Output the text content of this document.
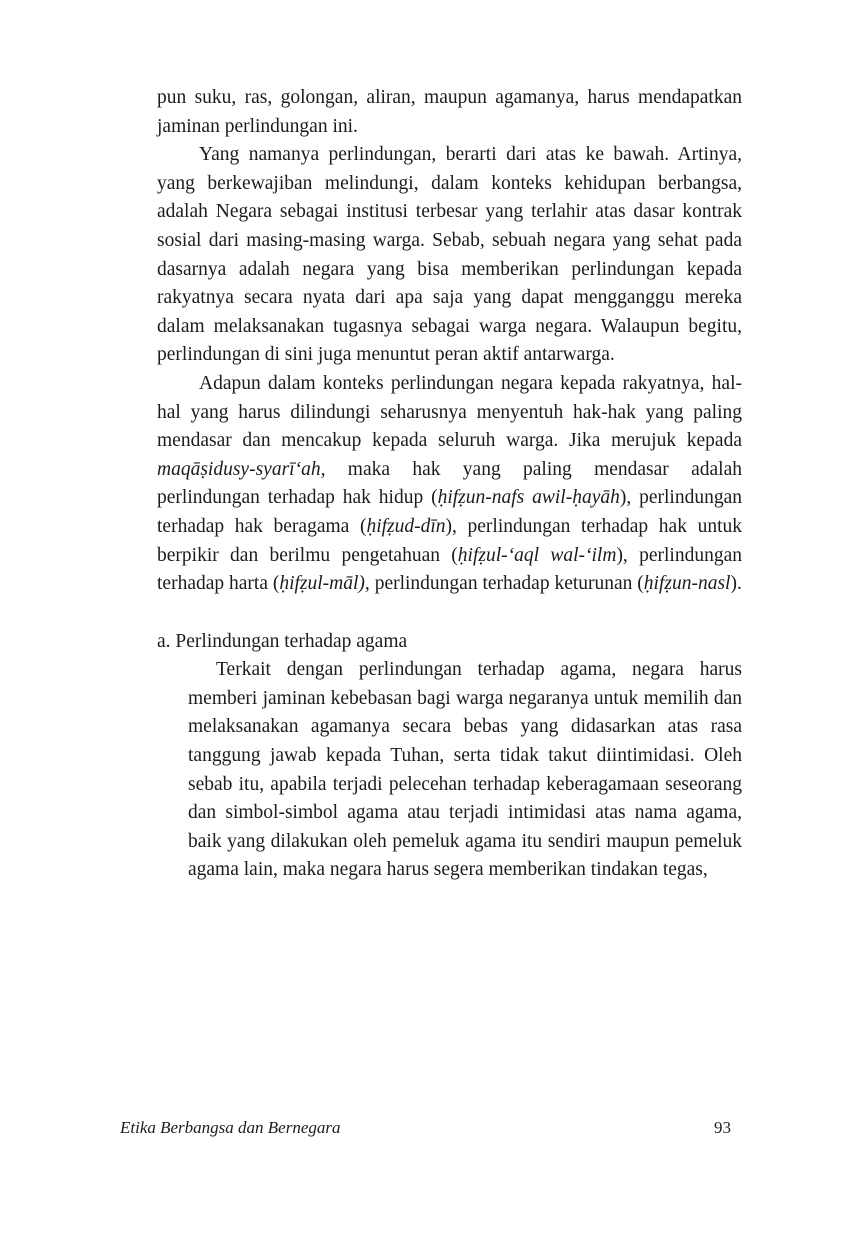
pun suku, ras, golongan, aliran, maupun agamanya, harus mendapatkan jaminan perlindungan ini.

Yang namanya perlindungan, berarti dari atas ke bawah. Artinya, yang berkewajiban melindungi, dalam konteks kehidupan berbangsa, adalah Negara sebagai institusi terbesar yang terlahir atas dasar kontrak sosial dari masing-masing warga. Sebab, sebuah negara yang sehat pada dasarnya adalah negara yang bisa memberikan perlindungan kepada rakyatnya secara nyata dari apa saja yang dapat mengganggu mereka dalam melaksanakan tugasnya sebagai warga negara. Walaupun begitu, perlindungan di sini juga menuntut peran aktif antarwarga.

Adapun dalam konteks perlindungan negara kepada rakyatnya, hal-hal yang harus dilindungi seharusnya menyentuh hak-hak yang paling mendasar dan mencakup kepada seluruh warga. Jika merujuk kepada maqāṣidusy-syarī‘ah, maka hak yang paling mendasar adalah perlindungan terhadap hak hidup (ḥifẓun-nafs awil-ḥayāh), perlindungan terhadap hak beragama (ḥifẓud-dīn), perlindungan terhadap hak untuk berpikir dan berilmu pengetahuan (ḥifẓul-‘aql wal-‘ilm), perlindungan terhadap harta (ḥifẓul-māl), perlindungan terhadap keturunan (ḥifẓun-nasl).

a. Perlindungan terhadap agama

Terkait dengan perlindungan terhadap agama, negara harus memberi jaminan kebebasan bagi warga negaranya untuk memilih dan melaksanakan agamanya secara bebas yang didasarkan atas rasa tanggung jawab kepada Tuhan, serta tidak takut diintimidasi. Oleh sebab itu, apabila terjadi pelecehan terhadap keberagamaan seseorang dan simbol-simbol agama atau terjadi intimidasi atas nama agama, baik yang dilakukan oleh pemeluk agama itu sendiri maupun pemeluk agama lain, maka negara harus segera memberikan tindakan tegas,

Etika Berbangsa dan Bernegara	93
